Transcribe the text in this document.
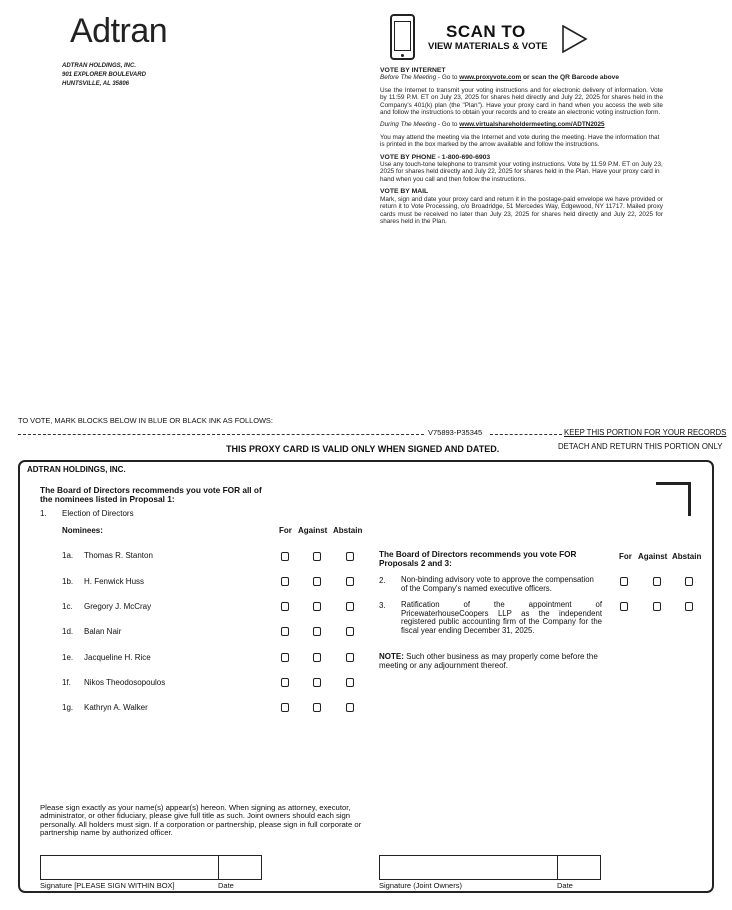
Adtran
ADTRAN HOLDINGS, INC.
901 EXPLORER BOULEVARD
HUNTSVILLE, AL 35806
SCAN TO
VIEW MATERIALS & VOTE
VOTE BY INTERNET
Before The Meeting - Go to www.proxyvote.com or scan the QR Barcode above
Use the Internet to transmit your voting instructions and for electronic delivery of information. Vote by 11:59 P.M. ET on July 23, 2025 for shares held directly and July 22, 2025 for shares held in the Company's 401(k) plan (the "Plan"). Have your proxy card in hand when you access the web site and follow the instructions to obtain your records and to create an electronic voting instruction form.
During The Meeting - Go to www.virtualshareholdermeeting.com/ADTN2025
You may attend the meeting via the Internet and vote during the meeting. Have the information that is printed in the box marked by the arrow available and follow the instructions.
VOTE BY PHONE - 1-800-690-6903
Use any touch-tone telephone to transmit your voting instructions. Vote by 11:59 P.M. ET on July 23, 2025 for shares held directly and July 22, 2025 for shares held in the Plan. Have your proxy card in hand when you call and then follow the instructions.
VOTE BY MAIL
Mark, sign and date your proxy card and return it in the postage-paid envelope we have provided or return it to Vote Processing, c/o Broadridge, 51 Mercedes Way, Edgewood, NY 11717. Mailed proxy cards must be received no later than July 23, 2025 for shares held directly and July 22, 2025 for shares held in the Plan.
TO VOTE, MARK BLOCKS BELOW IN BLUE OR BLACK INK AS FOLLOWS:
V75893-P35345	KEEP THIS PORTION FOR YOUR RECORDS
THIS PROXY CARD IS VALID ONLY WHEN SIGNED AND DATED.	DETACH AND RETURN THIS PORTION ONLY
ADTRAN HOLDINGS, INC.
The Board of Directors recommends you vote FOR all of the nominees listed in Proposal 1:
1. Election of Directors
Nominees:	For Against Abstain
1a. Thomas R. Stanton
1b. H. Fenwick Huss
1c. Gregory J. McCray
1d. Balan Nair
1e. Jacqueline H. Rice
1f. Nikos Theodosopoulos
1g. Kathryn A. Walker
The Board of Directors recommends you vote FOR Proposals 2 and 3:
For Against Abstain
2. Non-binding advisory vote to approve the compensation of the Company's named executive officers.
3. Ratification of the appointment of PricewaterhouseCoopers LLP as the independent registered public accounting firm of the Company for the fiscal year ending December 31, 2025.
NOTE: Such other business as may properly come before the meeting or any adjournment thereof.
Please sign exactly as your name(s) appear(s) hereon. When signing as attorney, executor, administrator, or other fiduciary, please give full title as such. Joint owners should each sign personally. All holders must sign. If a corporation or partnership, please sign in full corporate or partnership name by authorized officer.
Signature [PLEASE SIGN WITHIN BOX]	Date	Signature (Joint Owners)	Date
